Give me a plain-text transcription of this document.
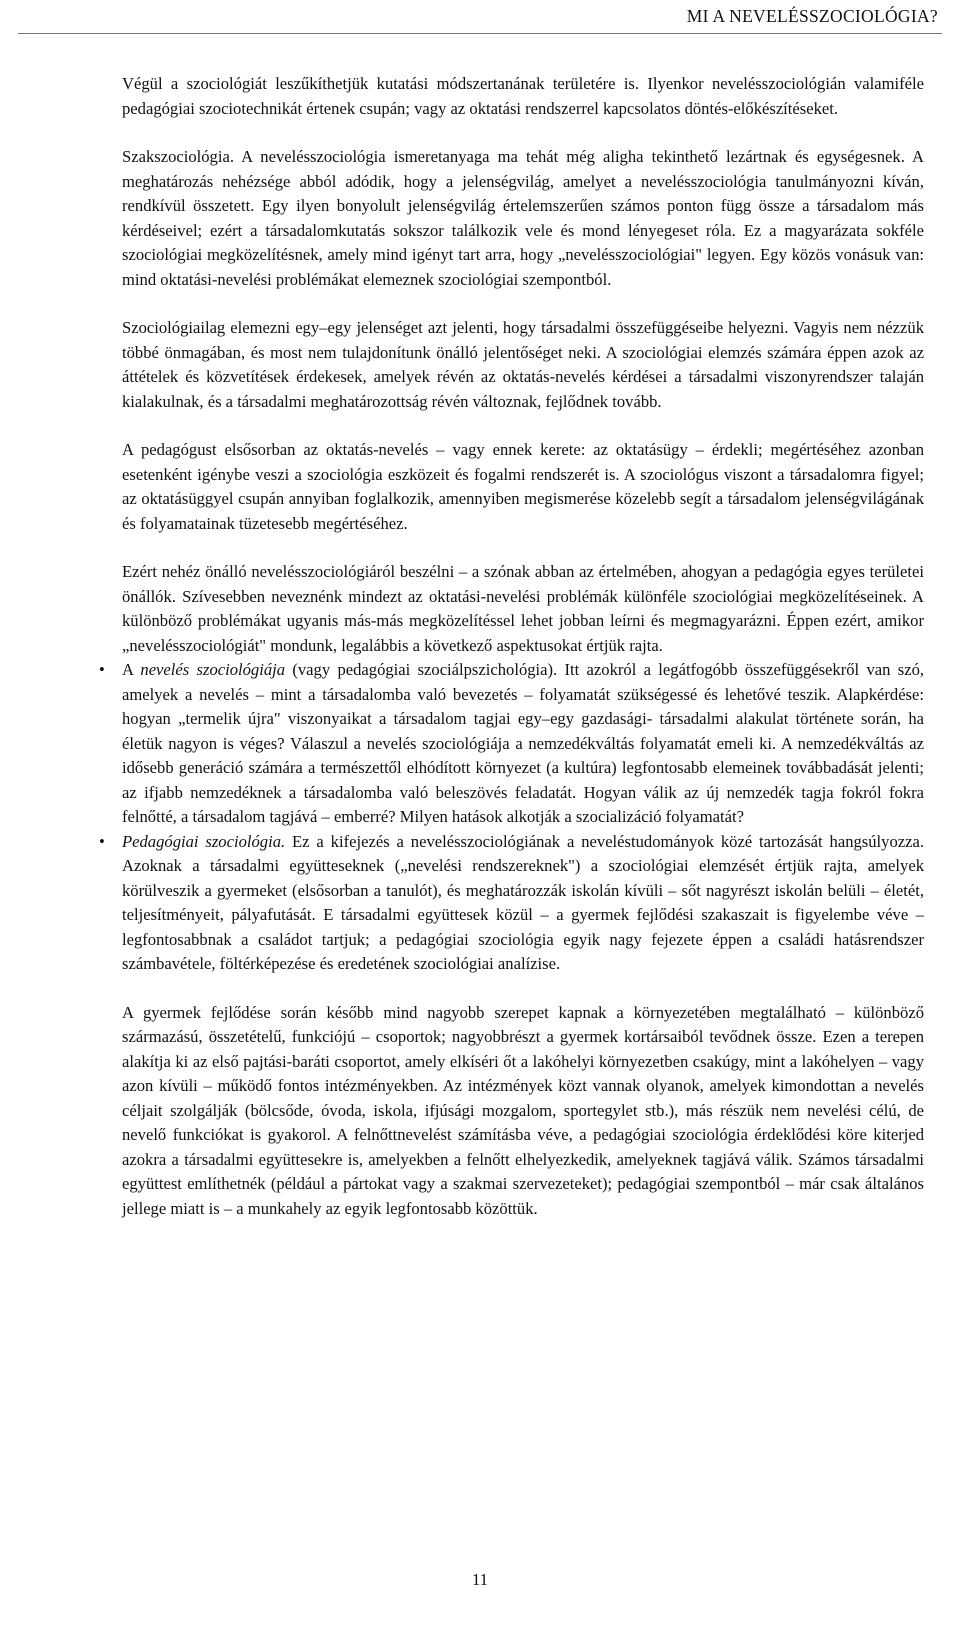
MI A NEVELÉSSZOCIOLÓGIA?

Végül a szociológiát leszűkíthetjük kutatási módszertanának területére is. Ilyenkor nevelésszociológián valamiféle pedagógiai szociotechnikát értenek csupán; vagy az oktatási rendszerrel kapcsolatos döntés-előkészítéseket.

Szakszociológia. A nevelésszociológia ismeretanyaga ma tehát még aligha tekinthető lezártnak és egységesnek. A meghatározás nehézsége abból adódik, hogy a jelenségvilág, amelyet a nevelésszociológia tanulmányozni kíván, rendkívül összetett. Egy ilyen bonyolult jelenségvilág értelemszerűen számos ponton függ össze a társadalom más kérdéseivel; ezért a társadalomkutatás sokszor találkozik vele és mond lényegeset róla. Ez a magyarázata sokféle szociológiai megközelítésnek, amely mind igényt tart arra, hogy „nevelésszociológiai" legyen. Egy közös vonásuk van: mind oktatási-nevelési problémákat elemeznek szociológiai szempontból.

Szociológiailag elemezni egy–egy jelenséget azt jelenti, hogy társadalmi összefüggéseibe helyezni. Vagyis nem nézzük többé önmagában, és most nem tulajdonítunk önálló jelentőséget neki. A szociológiai elemzés számára éppen azok az áttételek és közvetítések érdekesek, amelyek révén az oktatás-nevelés kérdései a társadalmi viszonyrendszer talaján kialakulnak, és a társadalmi meghatározottság révén változnak, fejlődnek tovább.

A pedagógust elsősorban az oktatás-nevelés – vagy ennek kerete: az oktatásügy – érdekli; megértéséhez azonban esetenként igénybe veszi a szociológia eszközeit és fogalmi rendszerét is. A szociológus viszont a társadalomra figyel; az oktatásüggyel csupán annyiban foglalkozik, amennyiben megismerése közelebb segít a társadalom jelenségvilágának és folyamatainak tüzetesebb megértéséhez.

Ezért nehéz önálló nevelésszociológiáról beszélni – a szónak abban az értelmében, ahogyan a pedagógia egyes területei önállók. Szívesebben neveznénk mindezt az oktatási-nevelési problémák különféle szociológiai megközelítéseinek. A különböző problémákat ugyanis más-más megközelítéssel lehet jobban leírni és megmagyarázni. Éppen ezért, amikor „nevelésszociológiát" mondunk, legalábbis a következő aspektusokat értjük rajta.

• A nevelés szociológiája (vagy pedagógiai szociálpszichológia). Itt azokról a legátfogóbb összefüggésekről van szó, amelyek a nevelés – mint a társadalomba való bevezetés – folyamatát szükségessé és lehetővé teszik. Alapkérdése: hogyan „termelik újra" viszonyaikat a társadalom tagjai egy–egy gazdasági- társadalmi alakulat története során, ha életük nagyon is véges? Válaszul a nevelés szociológiája a nemzedékváltás folyamatát emeli ki. A nemzedékváltás az idősebb generáció számára a természettől elhódított környezet (a kultúra) legfontosabb elemeinek továbbadását jelenti; az ifjabb nemzedéknek a társadalomba való beleszövés feladatát. Hogyan válik az új nemzedék tagja fokról fokra felnőtté, a társadalom tagjává – emberré? Milyen hatások alkotják a szocializáció folyamatát?
• Pedagógiai szociológia. Ez a kifejezés a nevelésszociológiának a neveléstudományok közé tartozását hangsúlyozza. Azoknak a társadalmi együtteseknek („nevelési rendszereknek") a szociológiai elemzését értjük rajta, amelyek körülveszik a gyermeket (elsősorban a tanulót), és meghatározzák iskolán kívüli – sőt nagyrészt iskolán belüli – életét, teljesítményeit, pályafutását. E társadalmi együttesek közül – a gyermek fejlődési szakaszait is figyelembe véve – legfontosabbnak a családot tartjuk; a pedagógiai szociológia egyik nagy fejezete éppen a családi hatásrendszer számbavétele, föltérképezése és eredetének szociológiai analízise.

A gyermek fejlődése során később mind nagyobb szerepet kapnak a környezetében megtalálható – különböző származású, összetételű, funkciójú – csoportok; nagyobbrészt a gyermek kortársaiból tevődnek össze. Ezen a terepen alakítja ki az első pajtási-baráti csoportot, amely elkíséri őt a lakóhelyi környezetben csakúgy, mint a lakóhelyen – vagy azon kívüli – működő fontos intézményekben. Az intézmények közt vannak olyanok, amelyek kimondottan a nevelés céljait szolgálják (bölcsőde, óvoda, iskola, ifjúsági mozgalom, sportegylet stb.), más részük nem nevelési célú, de nevelő funkciókat is gyakorol. A felnőttnevelést számításba véve, a pedagógiai szociológia érdeklődési köre kiterjed azokra a társadalmi együttesekre is, amelyekben a felnőtt elhelyezkedik, amelyeknek tagjává válik. Számos társadalmi együttest említhetnék (például a pártokat vagy a szakmai szervezeteket); pedagógiai szempontból – már csak általános jellege miatt is – a munkahely az egyik legfontosabb közöttük.

11
